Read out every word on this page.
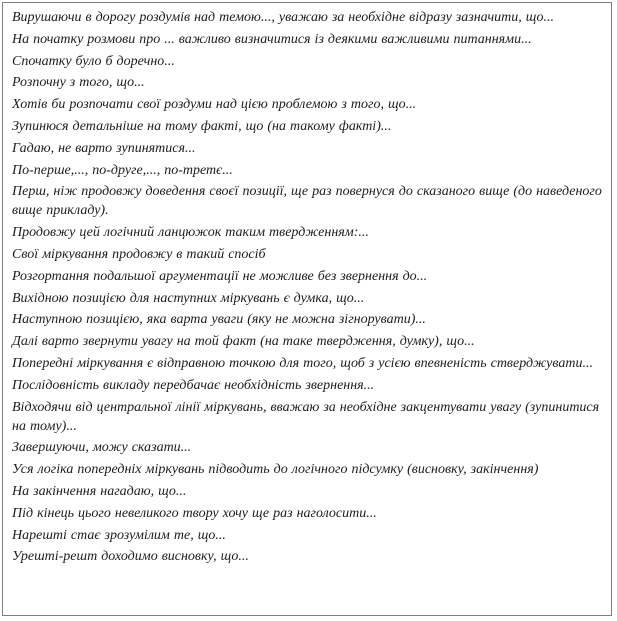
Вирушаючи в дорогу роздумів над темою..., уважаю за необхідне відразу зазначити, що...

На початку розмови про ... важливо визначитися із деякими важливими питаннями...

Спочатку було б доречно...

Розпочну з того, що...

Хотів би розпочати свої роздуми над цією проблемою з того, що...

Зупинюся детальніше на тому факті, що (на такому факті)...

Гадаю, не варто зупинятися...

По-перше,..., по-друге,..., по-третє...

Перш, ніж продовжу доведення своєї позиції, ще раз повернуся до сказаного вище (до наведеного вище прикладу).

Продовжу цей логічний ланцюжок таким твердженням:...

Свої міркування продовжу в такий спосіб

Розгортання подальшої аргументації не можливе без звернення до...

Вихідною позицією для наступних міркувань є думка, що...

Наступною позицією, яка варта уваги (яку не можна зігнорувати)...

Далі варто звернути увагу на той факт (на таке твердження, думку), що...

Попередні міркування є відправною точкою для того, щоб з усією впевненість стверджувати...

Послідовність викладу передбачає необхідність звернення...

Відходячи від центральної лінії міркувань, вважаю за необхідне закцентувати увагу (зупинитися на тому)...

Завершуючи, можу сказати...

Уся логіка попередніх міркувань підводить до логічного підсумку (висновку, закінчення)

На закінчення нагадаю, що...

Під кінець цього невеликого твору хочу ще раз наголосити...

Нарешті стає зрозумілим те, що...

Урешті-решт доходимо висновку, що...
